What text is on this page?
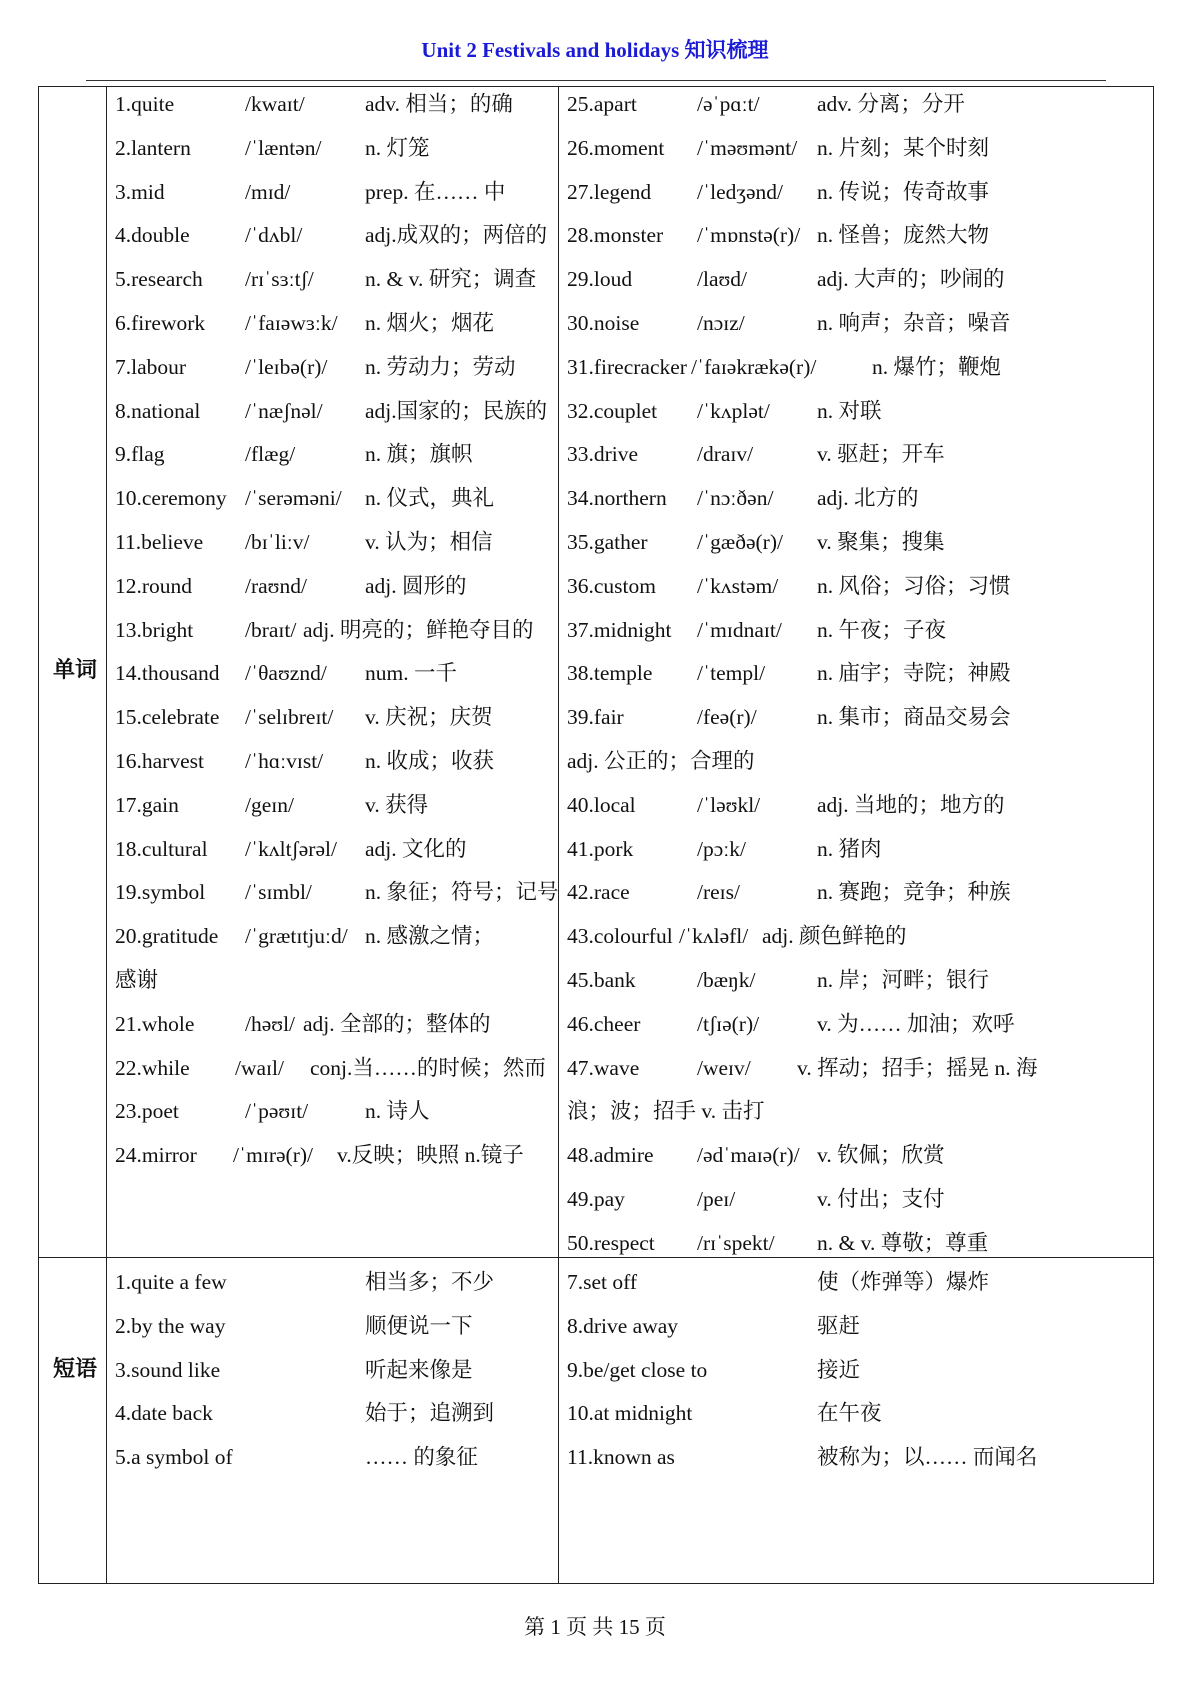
Unit 2 Festivals and holidays 知识梳理
单词
短语
1.quite	/kwaɪt/	adv. 相当；的确
2.lantern	/ˈlæntən/ n. 灯笼
3.mid	/mɪd/	prep. 在…… 中
4.double	/ˈdʌbl/	adj.成双的；两倍的
5.research /rɪˈsɜːtʃ/ n. & v. 研究；调查
6.firework /ˈfaɪəwɜːk/ n. 烟火；烟花
7.labour	/ˈleɪbə(r)/ n. 劳动力；劳动
8.national /ˈnæʃnəl/ adj.国家的；民族的
9.flag	/flæg/	n. 旗；旗帜
10.ceremony /ˈserəməni/ n. 仪式，典礼
11.believe /bɪˈliːv/	v. 认为；相信
12.round /raʊnd/	adj. 圆形的
13.bright /braɪt/ adj. 明亮的；鲜艳夺目的
14.thousand /ˈθaʊznd/ num. 一千
15.celebrate /ˈselɪbreɪt/ v. 庆祝；庆贺
16.harvest /ˈhɑːvɪst/ n. 收成；收获
17.gain	/geɪn/	v. 获得
18.cultural /ˈkʌltʃərəl/ adj. 文化的
19.symbol /ˈsɪmbl/ n. 象征；符号；记号
20.gratitude /ˈgrætɪtjuːd/ n. 感激之情；
感谢
21.whole /həʊl/ adj. 全部的；整体的
22.while /waɪl/ conj.当……的时候；然而
23.poet	/ˈpəʊɪt/	n. 诗人
24.mirror /ˈmɪrə(r)/ v.反映；映照 n.镜子
25.apart	/əˈpɑːt/	adv. 分离；分开
26.moment /ˈməʊmənt/ n. 片刻；某个时刻
27.legend /ˈledʒənd/ n. 传说；传奇故事
28.monster /ˈmɒnstə(r)/ n. 怪兽；庞然大物
29.loud	/laʊd/	adj. 大声的；吵闹的
30.noise	/nɔɪz/	n. 响声；杂音；噪音
31.firecracker /ˈfaɪəkrækə(r)/	n. 爆竹；鞭炮
32.couplet /ˈkʌplət/ n. 对联
33.drive	/draɪv/	v. 驱赶；开车
34.northern /ˈnɔːðən/ adj. 北方的
35.gather /ˈgæðə(r)/ v. 聚集；搜集
36.custom /ˈkʌstəm/ n. 风俗；习俗；习惯
37.midnight /ˈmɪdnaɪt/ n. 午夜；子夜
38.temple /ˈtempl/ n. 庙宇；寺院；神殿
39.fair	/feə(r)/	n. 集市；商品交易会
adj. 公正的；合理的
40.local	/ˈləʊkl/	adj. 当地的；地方的
41.pork	/pɔːk/	n. 猪肉
42.race	/reɪs/	n. 赛跑；竞争；种族
43.colourful /ˈkʌləfl/ adj. 颜色鲜艳的
45.bank	/bæŋk/	n. 岸；河畔；银行
46.cheer	/tʃɪə(r)/	v. 为…… 加油；欢呼
47.wave	/weɪv/ v. 挥动；招手；摇晃 n. 海
浪；波；招手 v. 击打
48.admire /ədˈmaɪə(r)/ v. 钦佩；欣赏
49.pay	/peɪ/	v. 付出；支付
50.respect /rɪˈspekt/ n. & v. 尊敬；尊重
1.quite a few	相当多；不少
2.by the way	顺便说一下
3.sound like	听起来像是
4.date back	始于；追溯到
5.a symbol of	…… 的象征
7.set off	使（炸弹等）爆炸
8.drive away	驱赶
9.be/get close to	接近
10.at midnight	在午夜
11.known as	被称为；以…… 而闻名
第 1 页 共 15 页
